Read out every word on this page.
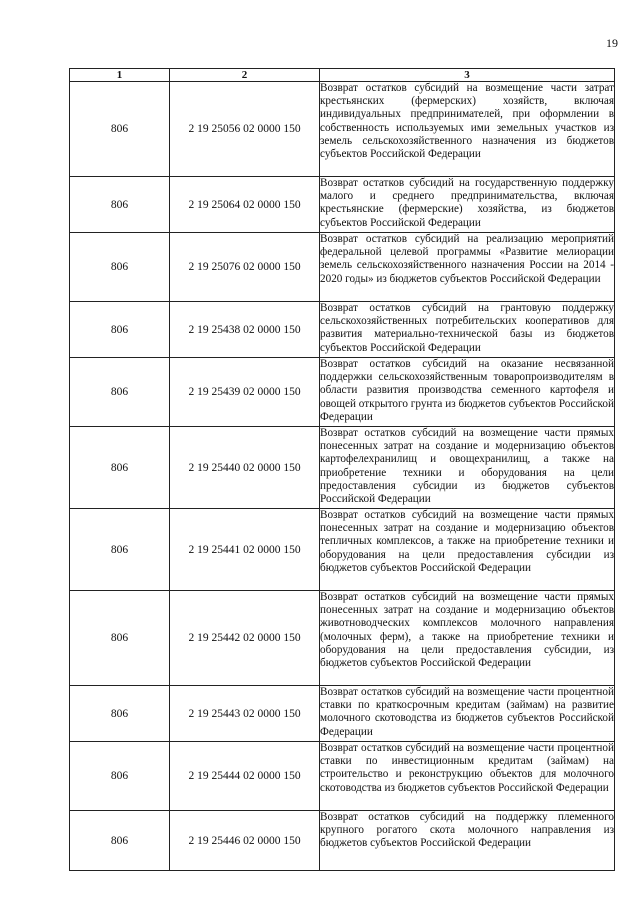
19
1	2	3
806	2 19 25056 02 0000 150	Возврат остатков субсидий на возмещение части затрат крестьянских (фермерских) хозяйств, включая индивидуальных предпринимателей, при оформлении в собственность используемых ими земельных участков из земель сельскохозяйственного назначения из бюджетов субъектов Российской Федерации

806	2 19 25064 02 0000 150	Возврат остатков субсидий на государственную поддержку малого и среднего предпринимательства, включая крестьянские (фермерские) хозяйства, из бюджетов субъектов Российской Федерации

806	2 19 25076 02 0000 150	Возврат остатков субсидий на реализацию мероприятий федеральной целевой программы «Развитие мелиорации земель сельскохозяйственного назначения России на 2014 - 2020 годы» из бюджетов субъектов Российской Федерации

806	2 19 25438 02 0000 150	Возврат остатков субсидий на грантовую поддержку сельскохозяйственных потребительских кооперативов для развития материально-технической базы из бюджетов субъектов Российской Федерации

806	2 19 25439 02 0000 150	Возврат остатков субсидий на оказание несвязанной поддержки сельскохозяйственным товаропроизводителям в области развития производства семенного картофеля и овощей открытого грунта из бюджетов субъектов Российской Федерации

806	2 19 25440 02 0000 150	Возврат остатков субсидий на возмещение части прямых понесенных затрат на создание и модернизацию объектов картофелехранилищ и овощехранилищ, а также на приобретение техники и оборудования на цели предоставления субсидии из бюджетов субъектов Российской Федерации

806	2 19 25441 02 0000 150	Возврат остатков субсидий на возмещение части прямых понесенных затрат на создание и модернизацию объектов тепличных комплексов, а также на приобретение техники и оборудования на цели предоставления субсидии из бюджетов субъектов Российской Федерации

806	2 19 25442 02 0000 150	Возврат остатков субсидий на возмещение части прямых понесенных затрат на создание и модернизацию объектов животноводческих комплексов молочного направления (молочных ферм), а также на приобретение техники и оборудования на цели предоставления субсидии, из бюджетов субъектов Российской Федерации

806	2 19 25443 02 0000 150	Возврат остатков субсидий на возмещение части процентной ставки по краткосрочным кредитам (займам) на развитие молочного скотоводства из бюджетов субъектов Российской Федерации

806	2 19 25444 02 0000 150	Возврат остатков субсидий на возмещение части процентной ставки по инвестиционным кредитам (займам) на строительство и реконструкцию объектов для молочного скотоводства из бюджетов субъектов Российской Федерации

806	2 19 25446 02 0000 150	Возврат остатков субсидий на поддержку племенного крупного рогатого скота молочного направления из бюджетов субъектов Российской Федерации
